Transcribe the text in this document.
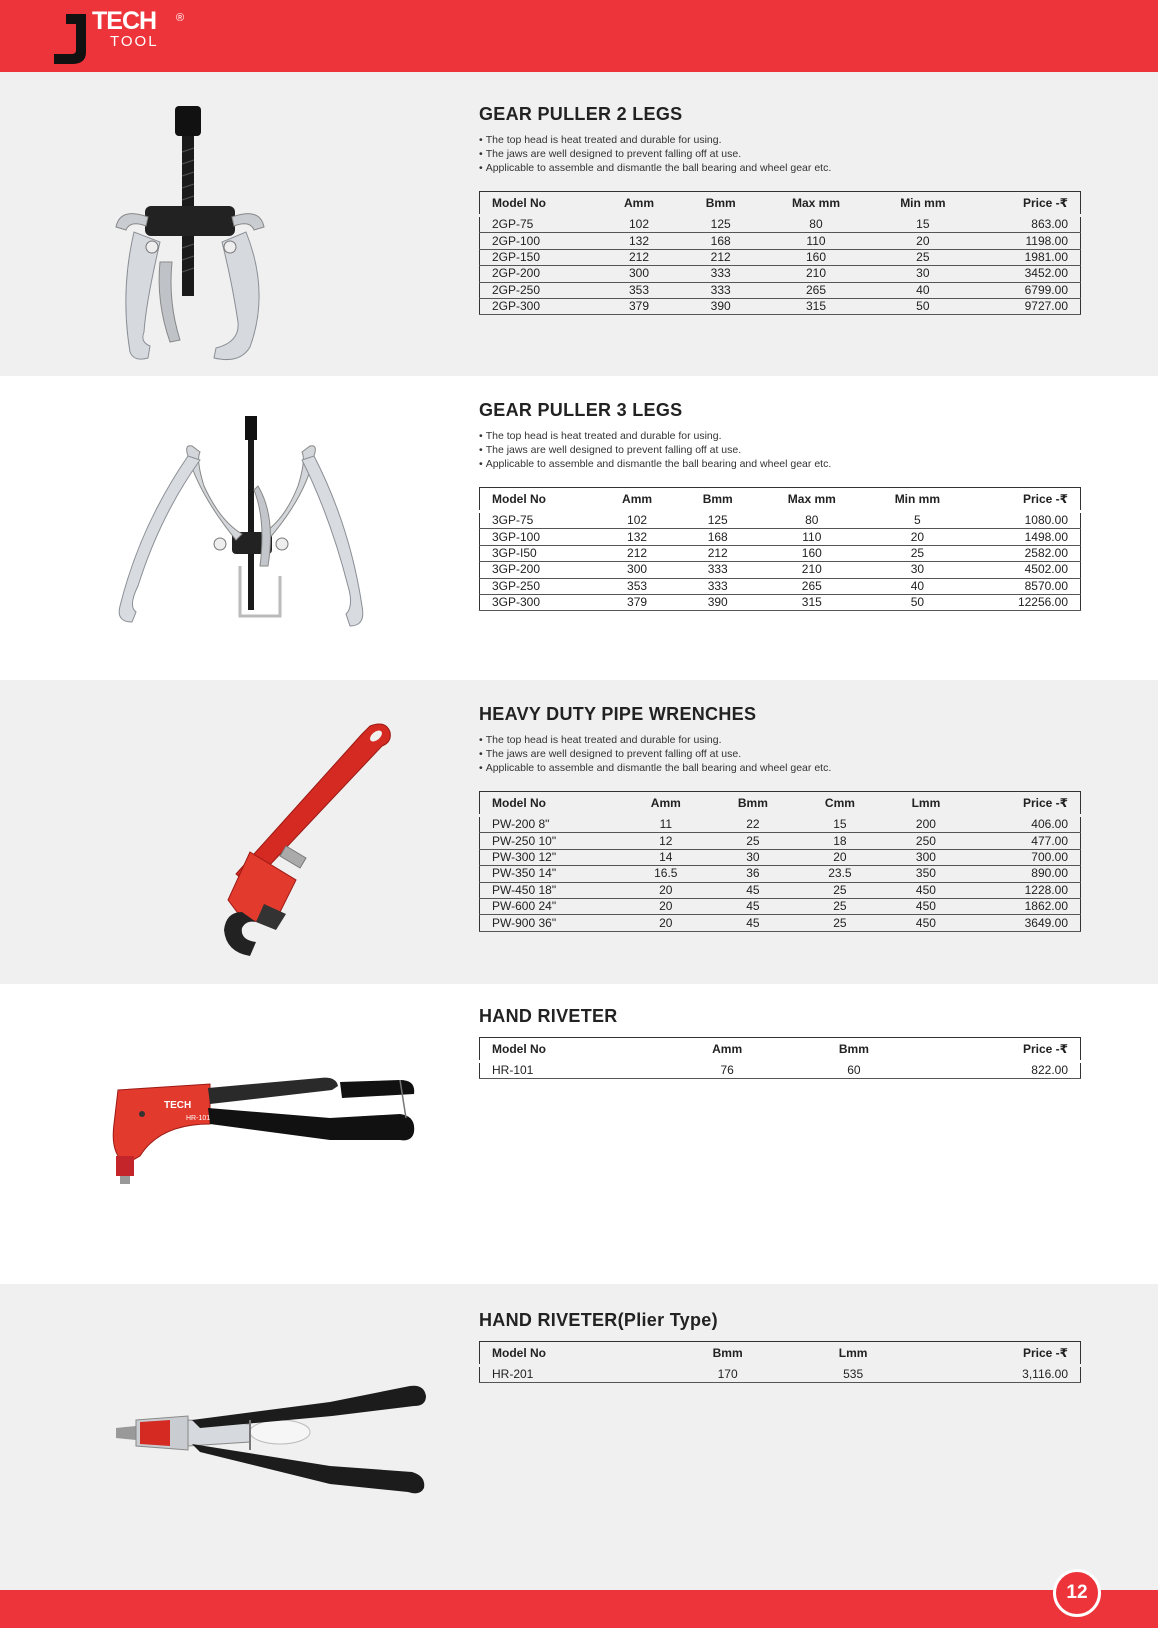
TECH ®
TOOL
GEAR PULLER 2 LEGS
• The top head is heat treated and durable for using.
• The jaws are well designed to prevent falling off at use.
• Applicable to assemble and dismantle the ball bearing and wheel gear etc.
Model No	Amm	Bmm	Max mm	Min mm	Price -₹

2GP-75	102	125	80	15	863.00
2GP-100	132	168	110	20	1198.00
2GP-150	212	212	160	25	1981.00
2GP-200	300	333	210	30	3452.00
2GP-250	353	333	265	40	6799.00
2GP-300	379	390	315	50	9727.00
GEAR PULLER 3 LEGS
• The top head is heat treated and durable for using.
• The jaws are well designed to prevent falling off at use.
• Applicable to assemble and dismantle the ball bearing and wheel gear etc.
Model No	Amm	Bmm	Max mm	Min mm	Price -₹

3GP-75	102	125	80	5	1080.00
3GP-100	132	168	110	20	1498.00
3GP-I50	212	212	160	25	2582.00
3GP-200	300	333	210	30	4502.00
3GP-250	353	333	265	40	8570.00
3GP-300	379	390	315	50	12256.00
HEAVY DUTY PIPE WRENCHES
• The top head is heat treated and durable for using.
• The jaws are well designed to prevent falling off at use.
• Applicable to assemble and dismantle the ball bearing and wheel gear etc.
Model No	Amm	Bmm	Cmm	Lmm	Price -₹

PW-200 8"	11	22	15	200	406.00
PW-250 10"	12	25	18	250	477.00
PW-300 12"	14	30	20	300	700.00
PW-350 14"	16.5	36	23.5	350	890.00
PW-450 18"	20	45	25	450	1228.00
PW-600 24"	20	45	25	450	1862.00
PW-900 36"	20	45	25	450	3649.00
TECH
HR-101
HAND RIVETER
Model No	Amm	Bmm	Price -₹

HR-101	76	60	822.00
HAND RIVETER(Plier Type)
Model No	Bmm	Lmm	Price -₹

HR-201	170	535	3,116.00
12
